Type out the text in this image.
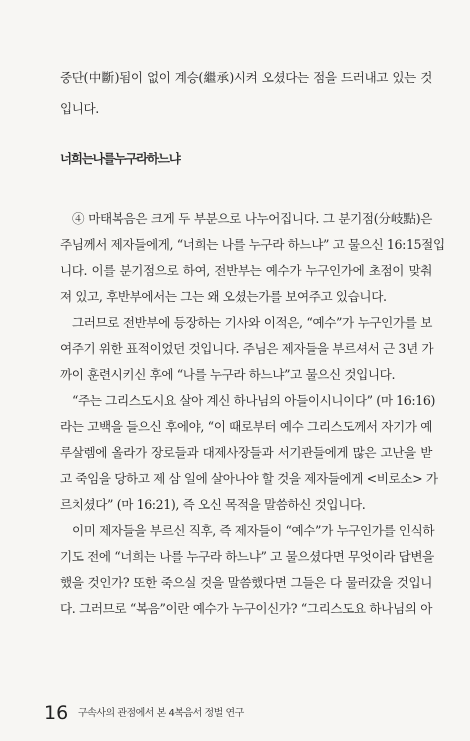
중단(中斷)됨이 없이 계승(繼承)시켜 오셨다는 점을 드러내고 있는 것
입니다.
너희는나를누구라하느냐
④ 마태복음은 크게 두 부분으로 나누어집니다. 그 분기점(分岐點)은
주님께서 제자들에게, “너희는 나를 누구라 하느냐” 고 물으신 16:15절입
니다. 이를 분기점으로 하여, 전반부는 예수가 누구인가에 초점이 맞춰
져 있고, 후반부에서는 그는 왜 오셨는가를 보여주고 있습니다.
그러므로 전반부에 등장하는 기사와 이적은, “예수”가 누구인가를 보
여주기 위한 표적이었던 것입니다. 주님은 제자들을 부르셔서 근 3년 가
까이 훈련시키신 후에 “나를 누구라 하느냐”고 물으신 것입니다.
“주는 그리스도시요 살아 계신 하나님의 아들이시니이다” (마 16:16)
라는 고백을 들으신 후에야, “이 때로부터 예수 그리스도께서 자기가 예
루살렘에 올라가 장로들과 대제사장들과 서기관들에게 많은 고난을 받
고 죽임을 당하고 제 삼 일에 살아나야 할 것을 제자들에게 <비로소> 가
르치셨다” (마 16:21), 즉 오신 목적을 말씀하신 것입니다.
이미 제자들을 부르신 직후, 즉 제자들이 “예수”가 누구인가를 인식하
기도 전에 “너희는 나를 누구라 하느냐” 고 물으셨다면 무엇이라 답변을
했을 것인가? 또한 죽으실 것을 말씀했다면 그들은 다 물러갔을 것입니
다. 그러므로 “복음”이란 예수가 누구이신가? “그리스도요 하나님의 아
16 구속사의 관점에서 본 4복음서 정벌 연구
